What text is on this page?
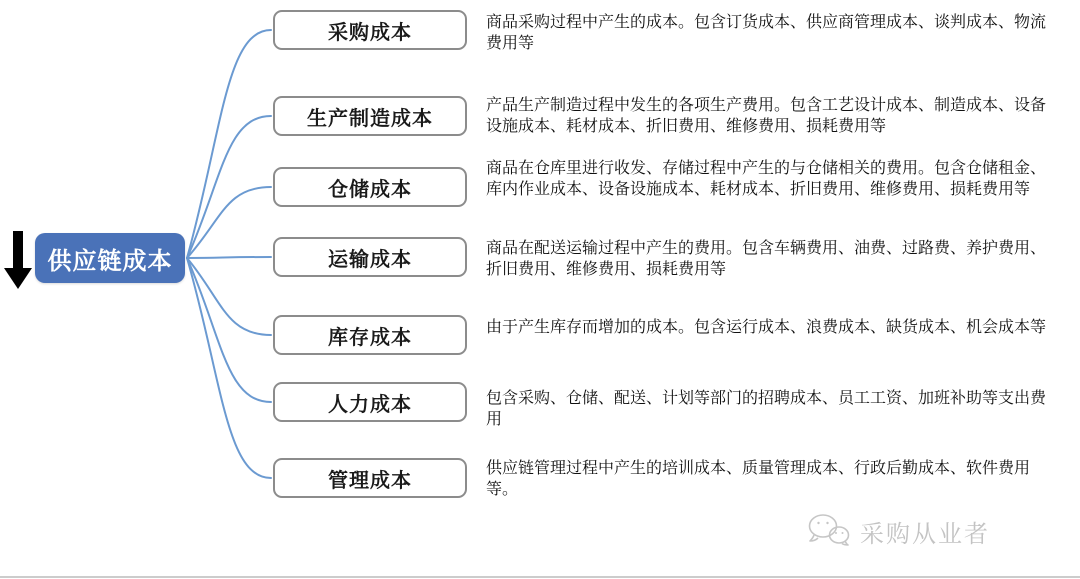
供应链成本
采购成本
生产制造成本
仓储成本
运输成本
库存成本
人力成本
管理成本
商品采购过程中产生的成本。包含订货成本、供应商管理成本、谈判成本、物流费用等
产品生产制造过程中发生的各项生产费用。包含工艺设计成本、制造成本、设备设施成本、耗材成本、折旧费用、维修费用、损耗费用等
商品在仓库里进行收发、存储过程中产生的与仓储相关的费用。包含仓储租金、库内作业成本、设备设施成本、耗材成本、折旧费用、维修费用、损耗费用等
商品在配送运输过程中产生的费用。包含车辆费用、油费、过路费、养护费用、折旧费用、维修费用、损耗费用等
由于产生库存而增加的成本。包含运行成本、浪费成本、缺货成本、机会成本等
包含采购、仓储、配送、计划等部门的招聘成本、员工工资、加班补助等支出费用
供应链管理过程中产生的培训成本、质量管理成本、行政后勤成本、软件费用等。
采购从业者
